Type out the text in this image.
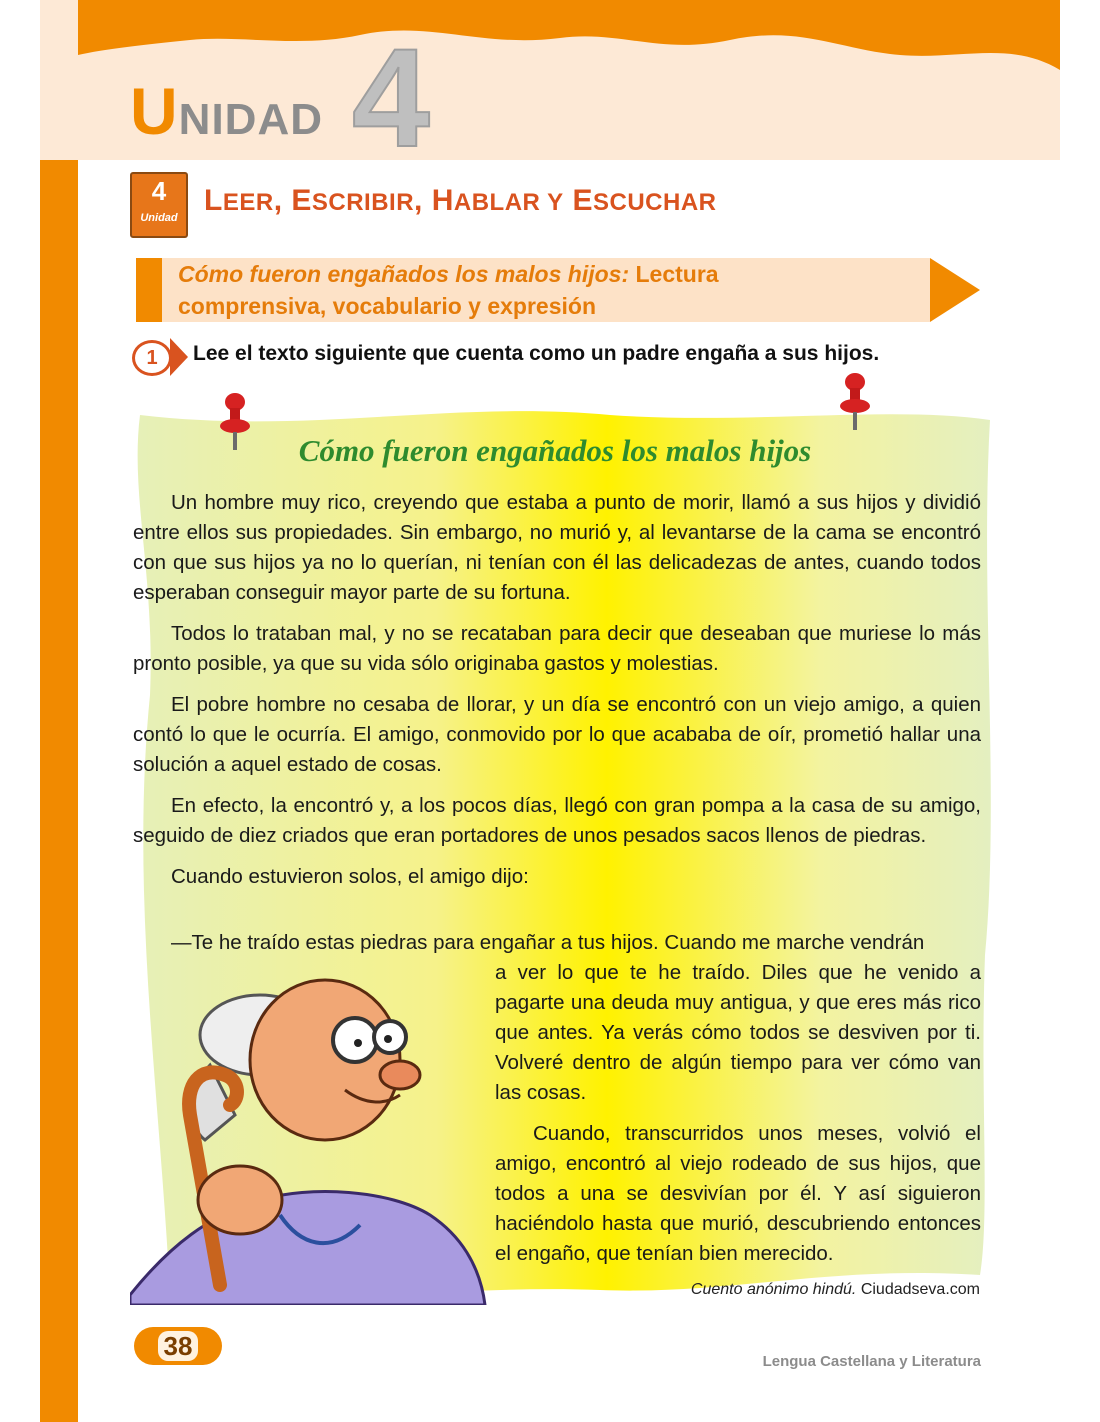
UNIDAD 4
4
Unidad
LEER, ESCRIBIR, HABLAR Y ESCUCHAR
Cómo fueron engañados los malos hijos: Lectura
comprensiva, vocabulario y expresión
1	Lee el texto siguiente que cuenta como un padre engaña a sus hijos.
Cómo fueron engañados los malos hijos

Un hombre muy rico, creyendo que estaba a punto de morir, llamó a sus hijos y dividió entre ellos sus propiedades. Sin embargo, no murió y, al levantarse de la cama se encontró con que sus hijos ya no lo querían, ni tenían con él las delicadezas de antes, cuando todos esperaban conseguir mayor parte de su fortuna.

Todos lo trataban mal, y no se recataban para decir que deseaban que muriese lo más pronto posible, ya que su vida sólo originaba gastos y molestias.

El pobre hombre no cesaba de llorar, y un día se encontró con un viejo amigo, a quien contó lo que le ocurría. El amigo, conmovido por lo que acababa de oír, prometió hallar una solución a aquel estado de cosas.

En efecto, la encontró y, a los pocos días, llegó con gran pompa a la casa de su amigo, seguido de diez criados que eran portadores de unos pesados sacos llenos de piedras.

Cuando estuvieron solos, el amigo dijo:

—Te he traído estas piedras para engañar a tus hijos. Cuando me marche vendrán

a ver lo que te he traído. Diles que he venido a pagarte una deuda muy antigua, y que eres más rico que antes. Ya verás cómo todos se desviven por ti. Volveré dentro de algún tiempo para ver cómo van las cosas.

Cuando, transcurridos unos meses, volvió el amigo, encontró al viejo rodeado de sus hijos, que todos a una se desvivían por él. Y así siguieron haciéndolo hasta que murió, descubriendo entonces el engaño, que tenían bien merecido.

Cuento anónimo hindú. Ciudadseva.com
38
Lengua Castellana y Literatura
